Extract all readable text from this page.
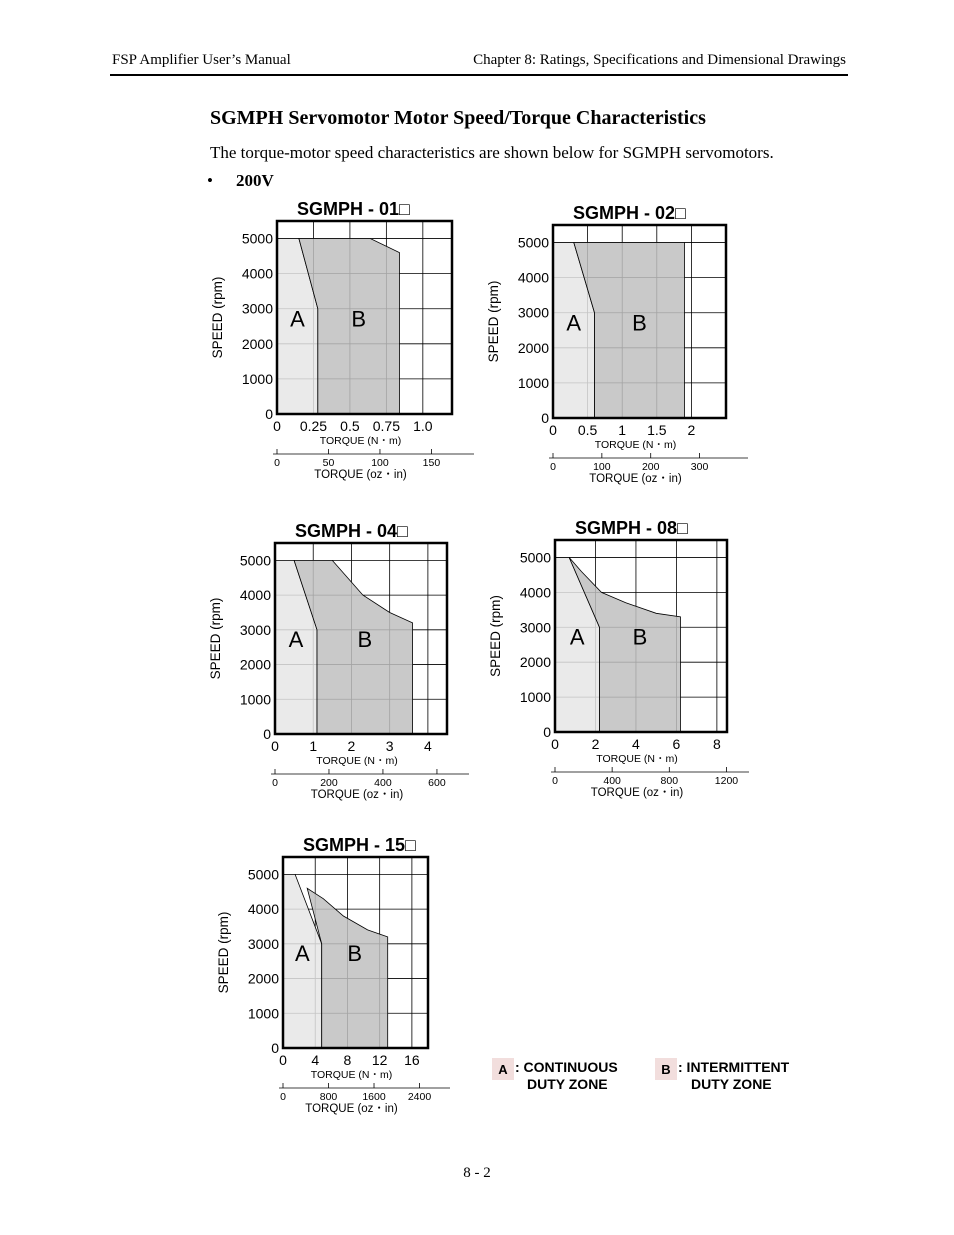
FSP Amplifier User’s Manual	Chapter 8: Ratings, Specifications and Dimensional Drawings
SGMPH Servomotor Motor Speed/Torque Characteristics
The torque-motor speed characteristics are shown below for SGMPH servomotors.
• 200V
A B
SGMPH - 01□
0
1000
2000
3000
4000
5000
SPEED (rpm)
0 0.25 0.5 0.75 1.0
TORQUE (N・m)
0	50	100	150
TORQUE (oz・in)
A B
SGMPH - 02□
0
1000
2000
3000
4000
5000
SPEED (rpm)
0 0.5 1 1.5 2
TORQUE (N・m)
0	100	200	300
TORQUE (oz・in)
A B
SGMPH - 04□
0
1000
2000
3000
4000
5000
SPEED (rpm)
0 1 2 3 4
TORQUE (N・m)
0	200	400	600
TORQUE (oz・in)
A B
SGMPH - 08□
0
1000
2000
3000
4000
5000
SPEED (rpm)
0 2 4 6 8
TORQUE (N・m)
0	400	800	1200
TORQUE (oz・in)
A B
SGMPH - 15□
0
1000
2000
3000
4000
5000
SPEED (rpm)
0 4 8 12 16
TORQUE (N・m)
0	800 1600 2400
TORQUE (oz・in)
A : CONTINUOUS
DUTY ZONE
B : INTERMITTENT
DUTY ZONE
8 - 2
